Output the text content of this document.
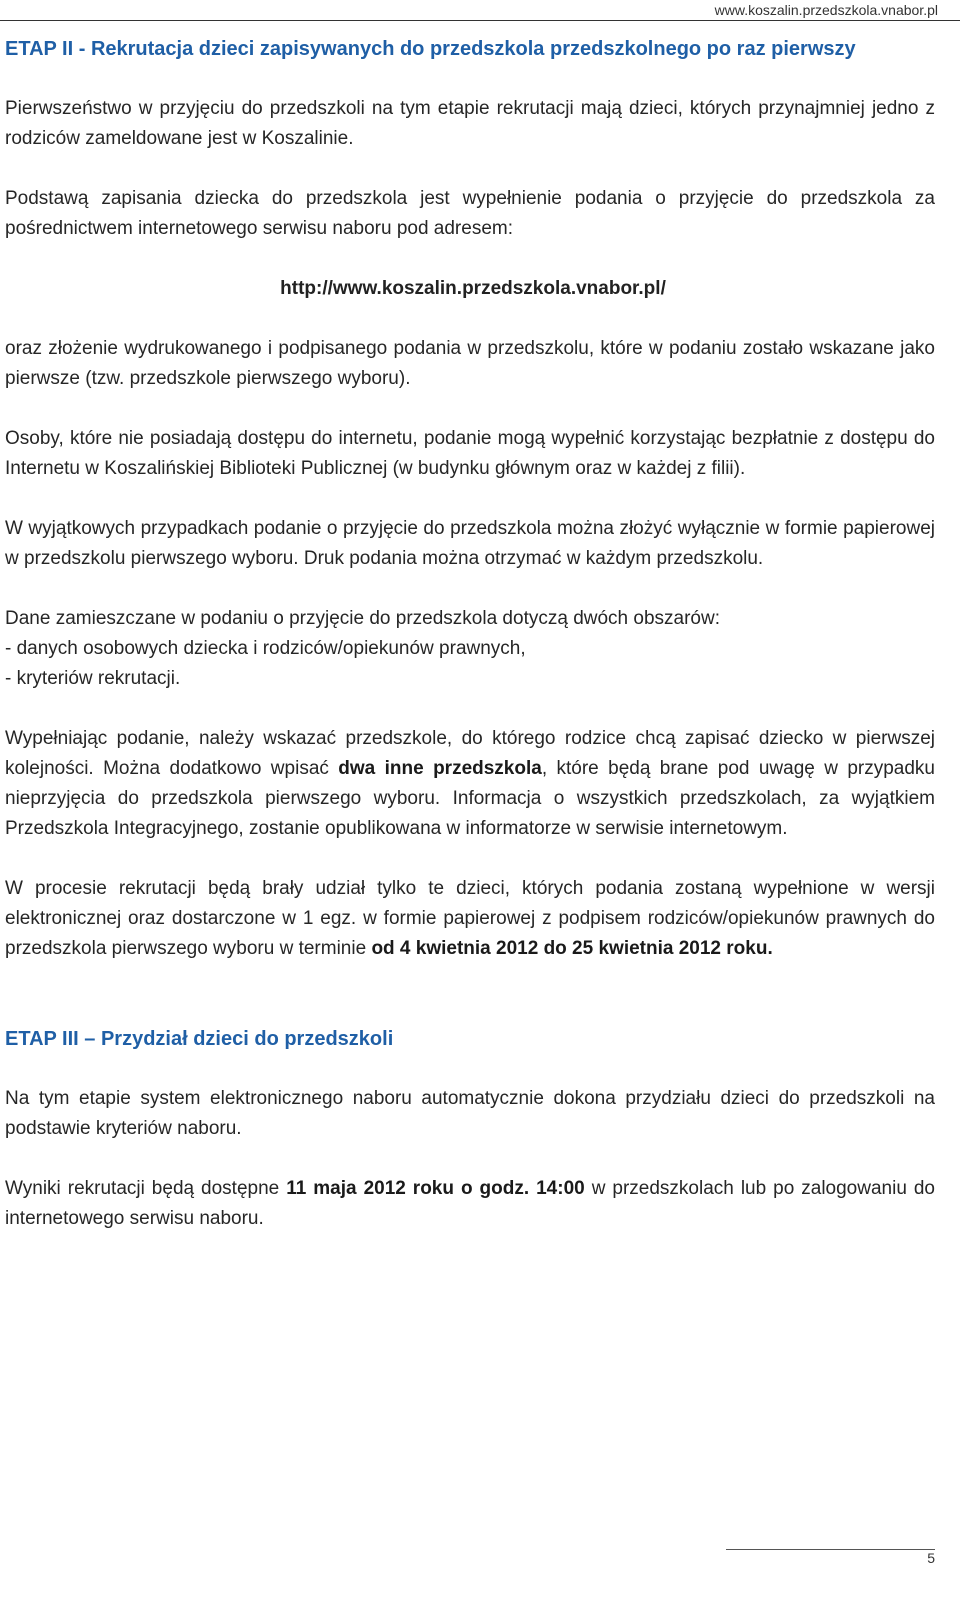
www.koszalin.przedszkola.vnabor.pl
ETAP II - Rekrutacja dzieci zapisywanych do przedszkola przedszkolnego po raz pierwszy

Pierwszeństwo w przyjęciu do przedszkoli na tym etapie rekrutacji mają dzieci, których przynajmniej jedno z rodziców zameldowane jest w Koszalinie.

Podstawą zapisania dziecka do przedszkola jest wypełnienie podania o przyjęcie do przedszkola za pośrednictwem internetowego serwisu naboru pod adresem:

http://www.koszalin.przedszkola.vnabor.pl/

oraz złożenie wydrukowanego i podpisanego podania w przedszkolu, które w podaniu zostało wskazane jako pierwsze (tzw. przedszkole pierwszego wyboru).

Osoby, które nie posiadają dostępu do internetu, podanie mogą wypełnić korzystając bezpłatnie z dostępu do Internetu w Koszalińskiej Biblioteki Publicznej (w budynku głównym oraz w każdej z filii).

W wyjątkowych przypadkach podanie o przyjęcie do przedszkola można złożyć wyłącznie w formie papierowej w przedszkolu pierwszego wyboru. Druk podania można otrzymać w każdym przedszkolu.

Dane zamieszczane w podaniu o przyjęcie do przedszkola dotyczą dwóch obszarów:
- danych osobowych dziecka i rodziców/opiekunów prawnych,
- kryteriów rekrutacji.

Wypełniając podanie, należy wskazać przedszkole, do którego rodzice chcą zapisać dziecko w pierwszej kolejności. Można dodatkowo wpisać dwa inne przedszkola, które będą brane pod uwagę w przypadku nieprzyjęcia do przedszkola pierwszego wyboru. Informacja o wszystkich przedszkolach, za wyjątkiem Przedszkola Integracyjnego, zostanie opublikowana w informatorze w serwisie internetowym.

W procesie rekrutacji będą brały udział tylko te dzieci, których podania zostaną wypełnione w wersji elektronicznej oraz dostarczone w 1 egz. w formie papierowej z podpisem rodziców/opiekunów prawnych do przedszkola pierwszego wyboru w terminie od 4 kwietnia 2012 do 25 kwietnia 2012 roku.

ETAP III – Przydział dzieci do przedszkoli

Na tym etapie system elektronicznego naboru automatycznie dokona przydziału dzieci do przedszkoli na podstawie kryteriów naboru.

Wyniki rekrutacji będą dostępne 11 maja 2012 roku o godz. 14:00 w przedszkolach lub po zalogowaniu do internetowego serwisu naboru.

5
